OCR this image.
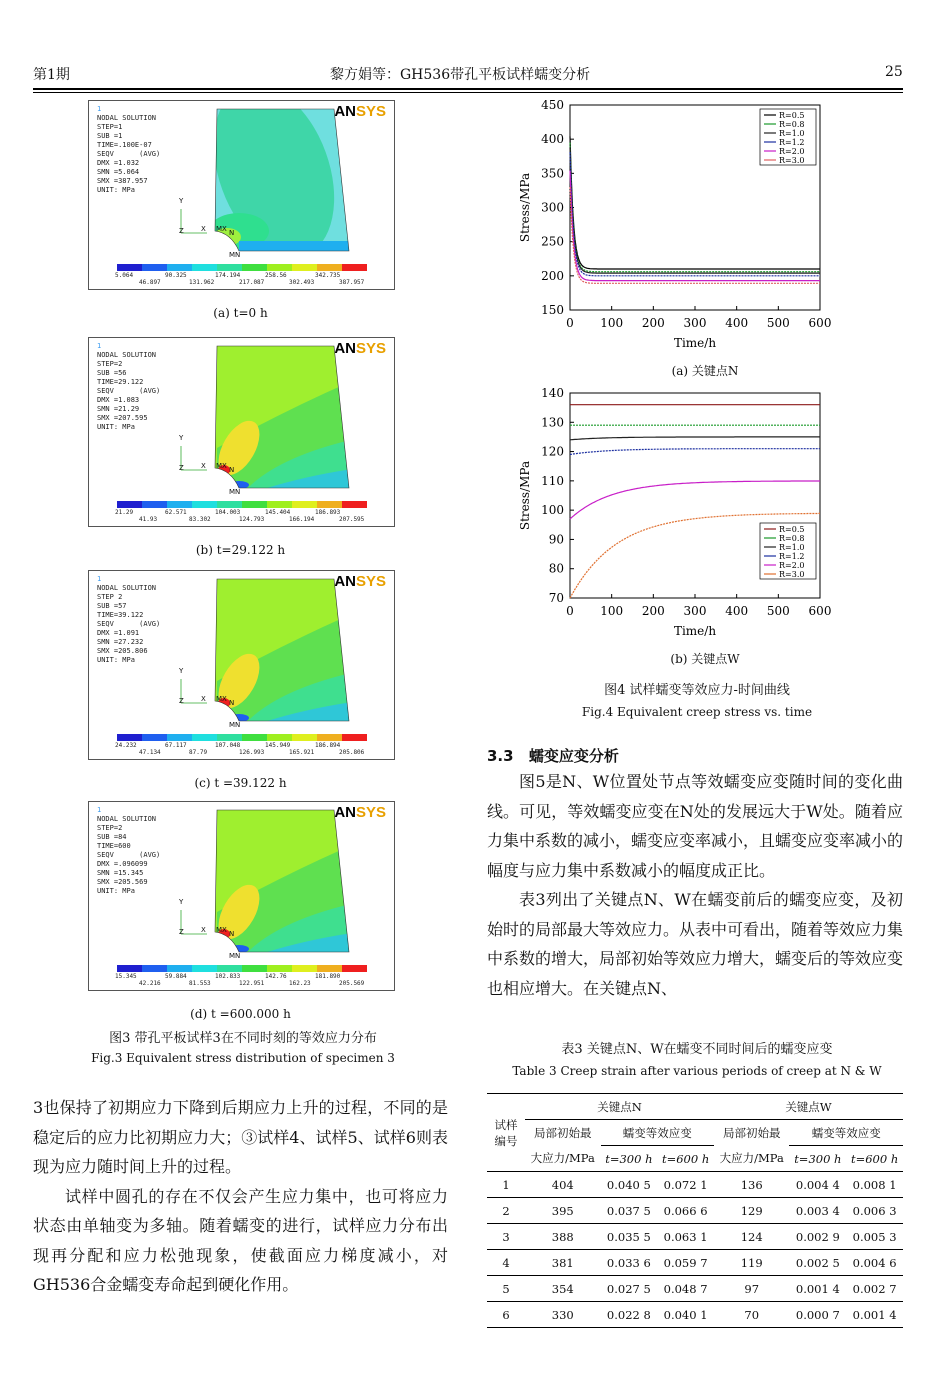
第1期	黎方娟等：GH536带孔平板试样蠕变分析	25
1
NODAL SOLUTION
STEP=1
SUB =1
TIME=.100E-07
SEQV      (AVG)
DMX =1.032
SMN =5.064
SMX =387.957
UNIT: MPa
ANSYS
Y
Z X MX N
MN
5.064	90.325	174.194	258.56	342.735
46.897	131.962	217.087	302.493	387.957
(a) t=0 h
1
NODAL SOLUTION
STEP=2
SUB =56
TIME=29.122
SEQV      (AVG)
DMX =1.083
SMN =21.29
SMX =207.595
UNIT: MPa
ANSYS
Y
Z X MX N
MN
21.29	62.571	104.003	145.404	186.893
41.93	83.302	124.793	166.194	207.595
(b) t=29.122 h
1
NODAL SOLUTION
STEP 2
SUB =57
TIME=39.122
SEQV      (AVG)
DMX =1.091
SMN =27.232
SMX =205.806
UNIT: MPa
ANSYS
Y
Z X MX N
MN
24.232	67.117	107.048	145.949	186.894
47.134	87.79	126.993	165.921	205.806
(c) t =39.122 h
1
NODAL SOLUTION
STEP=2
SUB =84
TIME=600
SEQV      (AVG)
DMX =.096099
SMN =15.345
SMX =205.569
UNIT: MPa
ANSYS
Y
Z X MX N
MN
15.345	59.884	102.833	142.76	181.890
42.216	81.553	122.951	162.23	205.569
(d) t =600.000 h
图3 带孔平板试样3在不同时刻的等效应力分布
Fig.3 Equivalent stress distribution of specimen 3

3也保持了初期应力下降到后期应力上升的过程，不同的是稳定后的应力比初期应力大；③试样4、试样5、试样6则表现为应力随时间上升的过程。

试样中圆孔的存在不仅会产生应力集中，也可将应力状态由单轴变为多轴。随着蠕变的进行，试样应力分布出现再分配和应力松弛现象，使截面应力梯度减小，对GH536合金蠕变寿命起到硬化作用。

0 100 200 300 400 500 600
150
200
250
300
350
400
450
Time/h
Stress/MPa
R=0.5
R=0.8
R=1.0
R=1.2
R=2.0
R=3.0
(a) 关键点N
0 100 200 300 400 500 600
70
80
90
100
110
120
130
140
Time/h
Stress/MPa	R=0.5
R=0.8
R=1.0
R=1.2
R=2.0
R=3.0
(b) 关键点W
图4 试样蠕变等效应力-时间曲线
Fig.4 Equivalent creep stress vs. time
3.3 蠕变应变分析

图5是N、W位置处节点等效蠕变应变随时间的变化曲线。可见，等效蠕变应变在N处的发展远大于W处。随着应力集中系数的减小，蠕变应变率减小，且蠕变应变率减小的幅度与应力集中系数减小的幅度成正比。

表3列出了关键点N、W在蠕变前后的蠕变应变，及初始时的局部最大等效应力。从表中可看出，随着等效应力集中系数的增大，局部初始等效应力增大，蠕变后的等效应变也相应增大。在关键点N、

表3 关键点N、W在蠕变不同时间后的蠕变应变
Table 3 Creep strain after various periods of creep at N & W
试样编号	关键点N			关键点W		
	局部初始最	蠕变等效应变		局部初始最	蠕变等效应变	
	大应力/MPa	t=300 h	t=600 h	大应力/MPa	t=300 h	t=600 h
1	404	0.040 5	0.072 1	136	0.004 4	0.008 1
2	395	0.037 5	0.066 6	129	0.003 4	0.006 3
3	388	0.035 5	0.063 1	124	0.002 9	0.005 3
4	381	0.033 6	0.059 7	119	0.002 5	0.004 6
5	354	0.027 5	0.048 7	97	0.001 4	0.002 7
6	330	0.022 8	0.040 1	70	0.000 7	0.001 4
